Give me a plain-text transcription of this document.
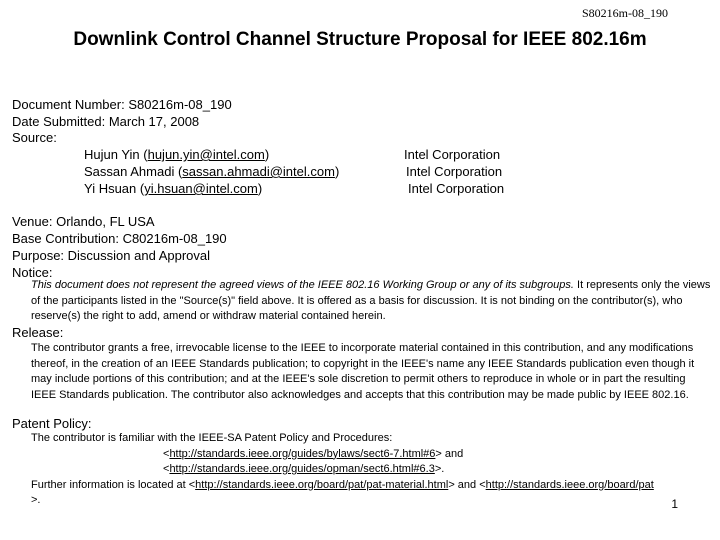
S80216m-08_190
Downlink Control Channel Structure Proposal for IEEE 802.16m
Document Number: S80216m-08_190
Date Submitted: March 17, 2008
Source:
Hujun Yin (hujun.yin@intel.com)	Intel Corporation
Sassan Ahmadi (sassan.ahmadi@intel.com)	Intel Corporation
Yi Hsuan (yi.hsuan@intel.com)	Intel Corporation
Venue: Orlando, FL USA
Base Contribution: C80216m-08_190
Purpose: Discussion and Approval
Notice:
This document does not represent the agreed views of the IEEE 802.16 Working Group or any of its subgroups. It represents only the views of the participants listed in the "Source(s)" field above. It is offered as a basis for discussion. It is not binding on the contributor(s), who reserve(s) the right to add, amend or withdraw material contained herein.
Release:
The contributor grants a free, irrevocable license to the IEEE to incorporate material contained in this contribution, and any modifications thereof, in the creation of an IEEE Standards publication; to copyright in the IEEE's name any IEEE Standards publication even though it may include portions of this contribution; and at the IEEE's sole discretion to permit others to reproduce in whole or in part the resulting IEEE Standards publication. The contributor also acknowledges and accepts that this contribution may be made public by IEEE 802.16.
Patent Policy:
The contributor is familiar with the IEEE-SA Patent Policy and Procedures:
<http://standards.ieee.org/guides/bylaws/sect6-7.html#6> and
<http://standards.ieee.org/guides/opman/sect6.html#6.3>.
Further information is located at <http://standards.ieee.org/board/pat/pat-material.html> and <http://standards.ieee.org/board/pat
>.	1
